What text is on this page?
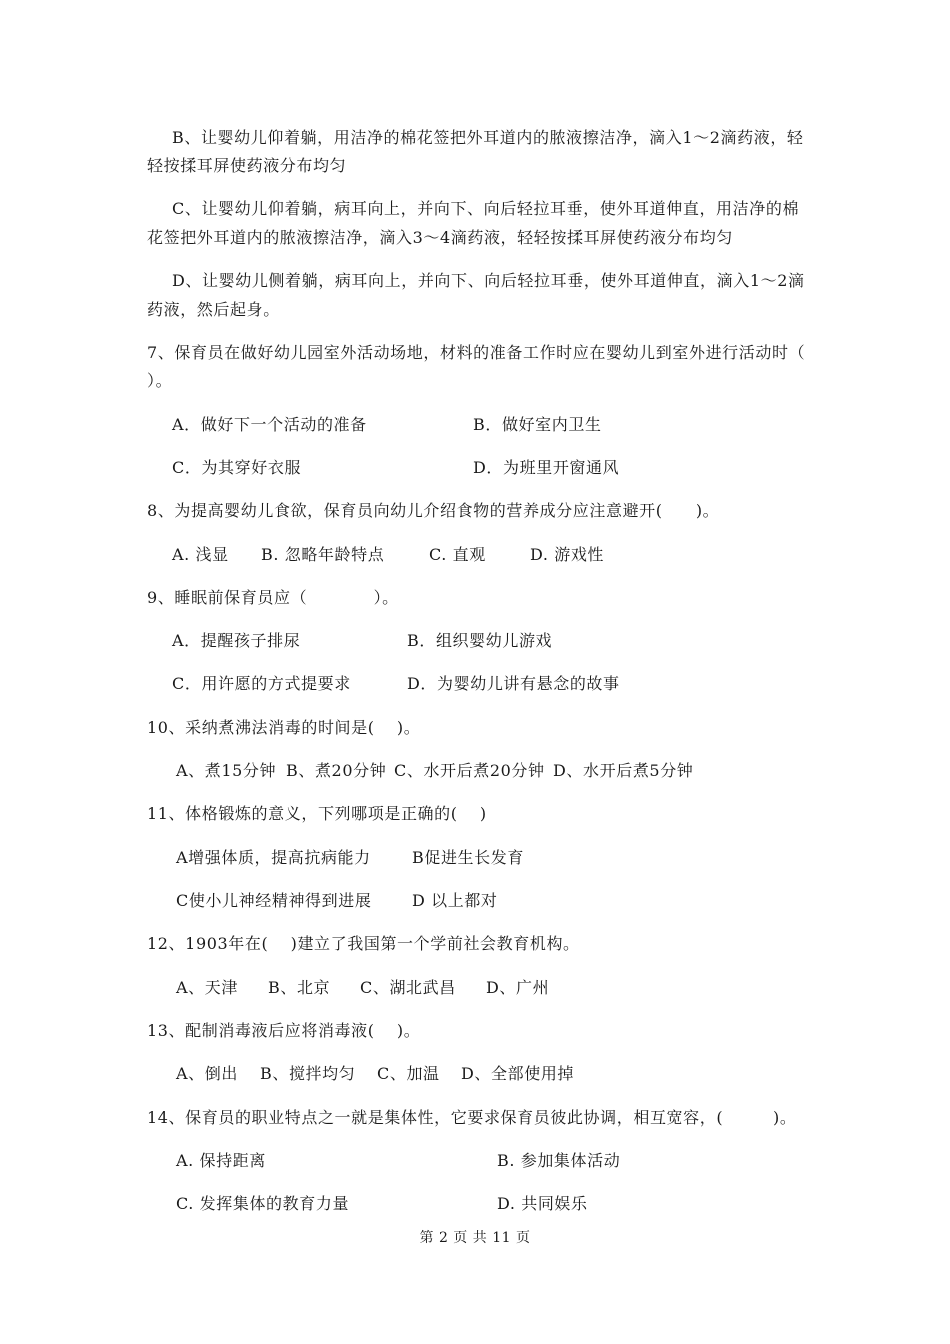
B、让婴幼儿仰着躺，用洁净的棉花签把外耳道内的脓液擦洁净，滴入1～2滴药液，轻
轻按揉耳屏使药液分布均匀
C、让婴幼儿仰着躺，病耳向上，并向下、向后轻拉耳垂，使外耳道伸直，用洁净的棉
花签把外耳道内的脓液擦洁净，滴入3～4滴药液，轻轻按揉耳屏使药液分布均匀
D、让婴幼儿侧着躺，病耳向上，并向下、向后轻拉耳垂，使外耳道伸直，滴入1～2滴
药液，然后起身。
7、保育员在做好幼儿园室外活动场地，材料的准备工作时应在婴幼儿到室外进行活动时（
）。
A．做好下一个活动的准备	B．做好室内卫生
C．为其穿好衣服	D．为班里开窗通风
8、为提高婴幼儿食欲，保育员向幼儿介绍食物的营养成分应注意避开(　　)。
A. 浅显 B. 忽略年龄特点	C. 直观	D. 游戏性
9、睡眠前保育员应（　　　　）。
A．提醒孩子排尿	B．组织婴幼儿游戏
C．用许愿的方式提要求	D．为婴幼儿讲有悬念的故事
10、采纳煮沸法消毒的时间是(　 )。
A、煮15分钟 B、煮20分钟 C、水开后煮20分钟 D、水开后煮5分钟
11、体格锻炼的意义，下列哪项是正确的(　 )
A增强体质，提高抗病能力	B促进生长发育
C使小儿神经精神得到进展	D 以上都对
12、1903年在(　 )建立了我国第一个学前社会教育机构。
A、天津 B、北京 C、湖北武昌 D、广州
13、配制消毒液后应将消毒液(　 )。
A、倒出 B、搅拌均匀 C、加温 D、全部使用掉
14、保育员的职业特点之一就是集体性，它要求保育员彼此协调，相互宽容，(　　　)。
A. 保持距离	B. 参加集体活动
C. 发挥集体的教育力量	D. 共同娱乐
第 2 页 共 11 页
